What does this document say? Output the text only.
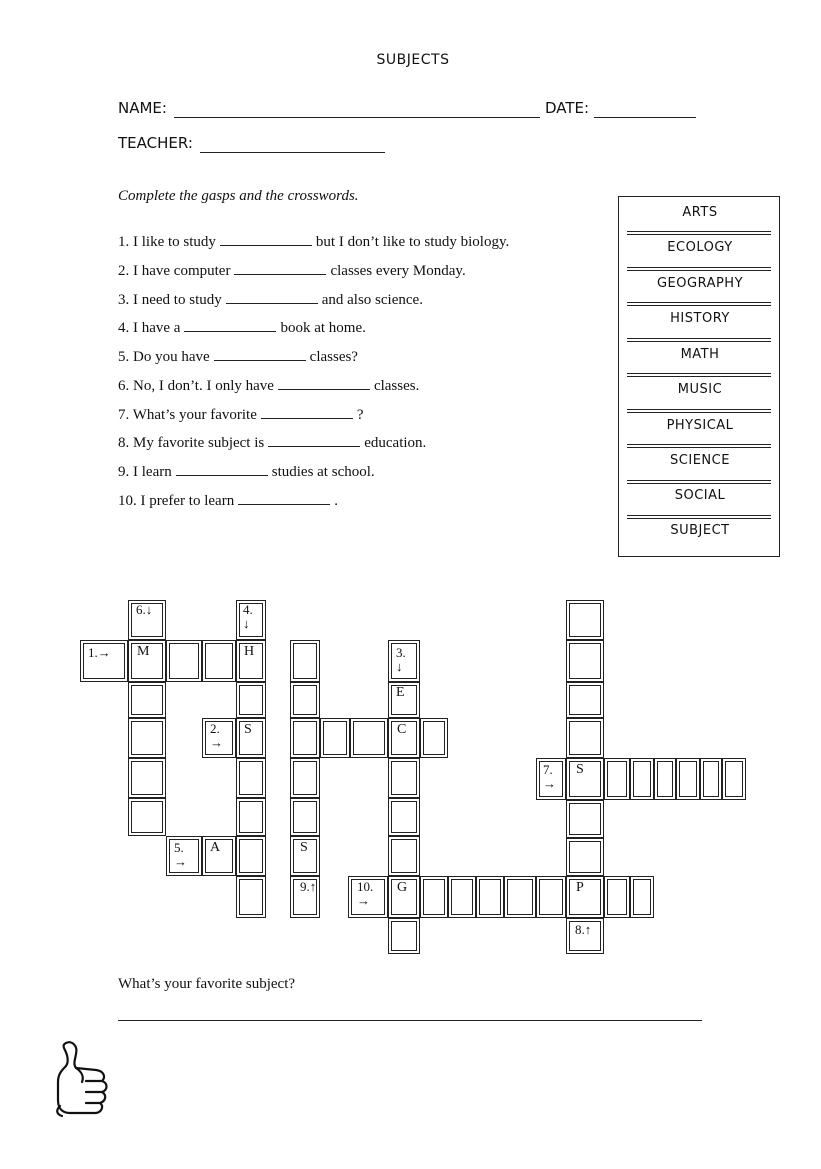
SUBJECTS
NAME:	DATE:
TEACHER:
Complete the gasps and the crosswords.
1. I like to study	but I don’t like to study biology.
2. I have computer	classes every Monday.
3. I need to study	and also science.
4. I have a	book at home.
5. Do you have	classes?
6. No, I don’t. I only have	classes.
7. What’s your favorite	?
8. My favorite subject is	education.
9. I learn	studies at school.
10. I prefer to learn	.
ARTS
ECOLOGY
GEOGRAPHY
HISTORY
MATH
MUSIC
PHYSICAL
SCIENCE
SOCIAL
SUBJECT
6.↓	4.
↓
1.→	3.
↓
2.
→
7.
→
5.
→
9.↑	10.
→
8.↑
M	H
E
S	C
S
A	S
G	P
What’s your favorite subject?
